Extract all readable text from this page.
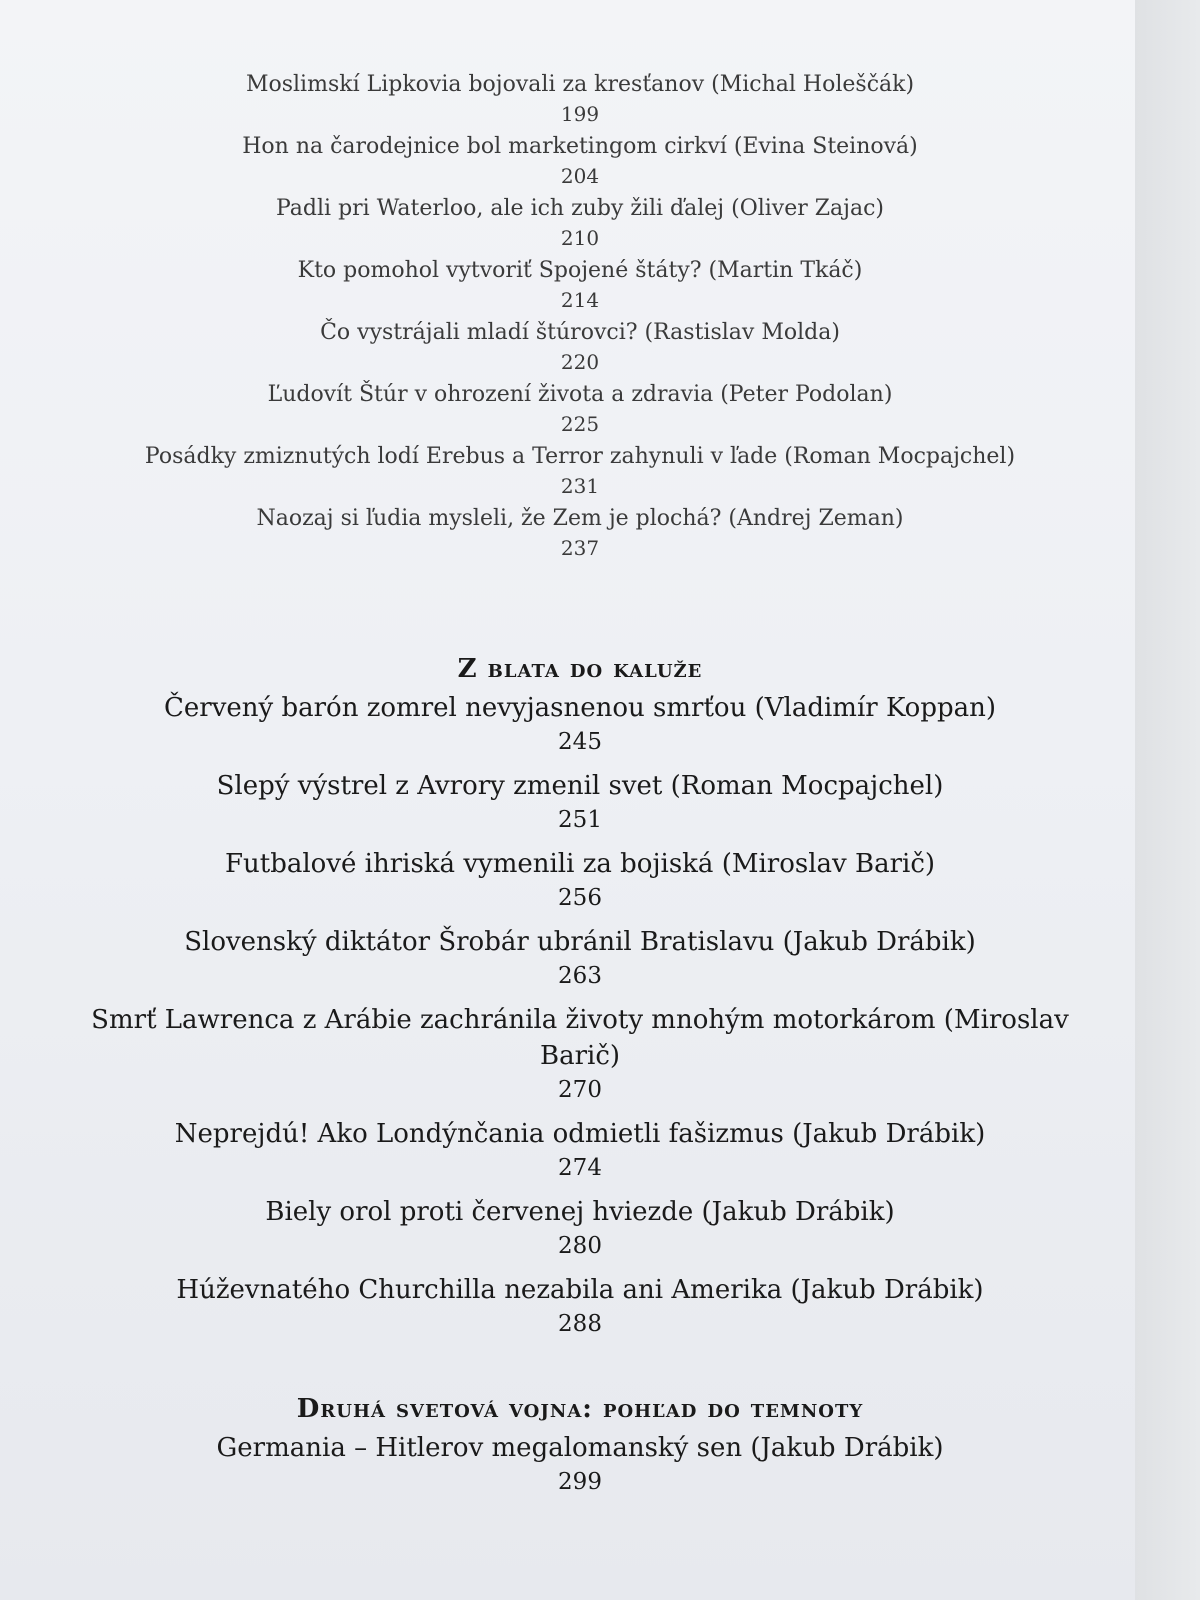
Moslimskí Lipkovia bojovali za kresťanov (Michal Holeščák)
199
Hon na čarodejnice bol marketingom cirkví (Evina Steinová)
204
Padli pri Waterloo, ale ich zuby žili ďalej (Oliver Zajac)
210
Kto pomohol vytvoriť Spojené štáty? (Martin Tkáč)
214
Čo vystrájali mladí štúrovci? (Rastislav Molda)
220
Ľudovít Štúr v ohrození života a zdravia (Peter Podolan)
225
Posádky zmiznutých lodí Erebus a Terror zahynuli v ľade (Roman Mocpajchel)
231
Naozaj si ľudia mysleli, že Zem je plochá? (Andrej Zeman)
237
Z blata do kaluže
Červený barón zomrel nevyjasnenou smrťou (Vladimír Koppan)
245
Slepý výstrel z Avrory zmenil svet (Roman Mocpajchel)
251
Futbalové ihriská vymenili za bojiská (Miroslav Barič)
256
Slovenský diktátor Šrobár ubránil Bratislavu (Jakub Drábik)
263
Smrť Lawrenca z Arábie zachránila životy mnohým motorkárom (Miroslav Barič)
270
Neprejdú! Ako Londýnčania odmietli fašizmus (Jakub Drábik)
274
Biely orol proti červenej hviezde (Jakub Drábik)
280
Húževnatého Churchilla nezabila ani Amerika (Jakub Drábik)
288
Druhá svetová vojna: pohľad do temnoty
Germania – Hitlerov megalomanský sen (Jakub Drábik)
299
